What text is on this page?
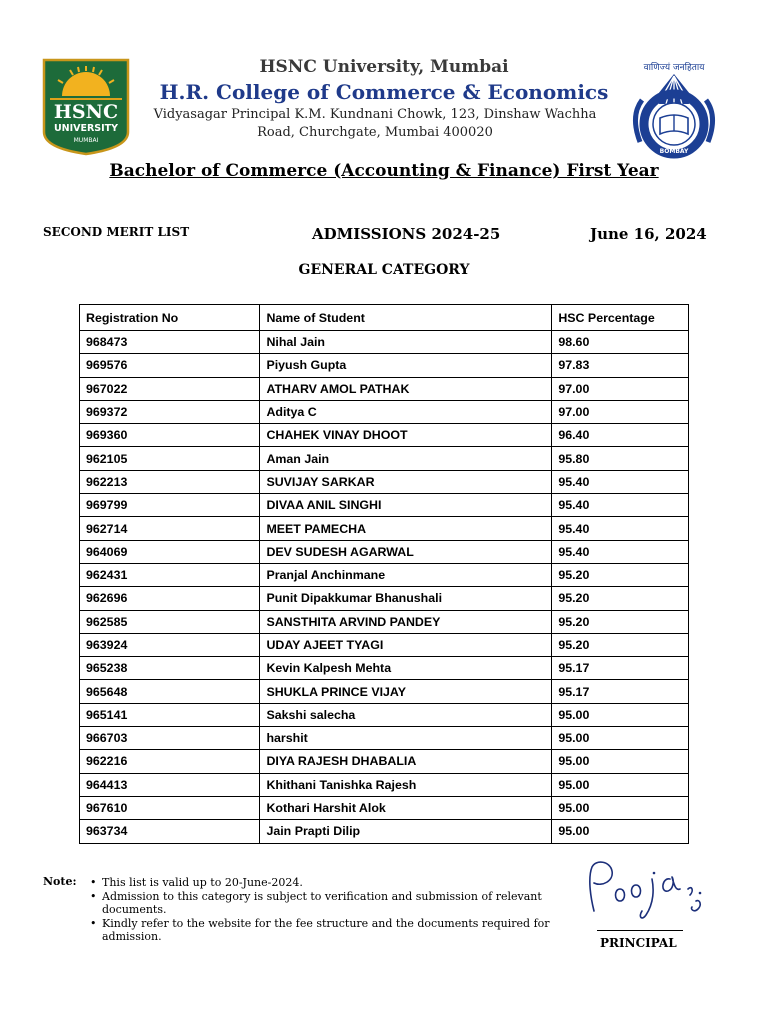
HSNC
UNIVERSITY
MUMBAI
HSNC University, Mumbai
H.R. College of Commerce & Economics
Vidyasagar Principal K.M. Kundnani Chowk, 123, Dinshaw Wachha
Road, Churchgate, Mumbai 400020
वाणिज्यं जनहिताय
BOMBAY
Bachelor of Commerce (Accounting & Finance) First Year
SECOND MERIT LIST	ADMISSIONS 2024-25	June 16, 2024
GENERAL CATEGORY
Registration No	Name of Student	HSC Percentage
968473	Nihal Jain	98.60
969576	Piyush Gupta	97.83
967022	ATHARV AMOL PATHAK	97.00
969372	Aditya C	97.00
969360	CHAHEK VINAY DHOOT	96.40
962105	Aman Jain	95.80
962213	SUVIJAY SARKAR	95.40
969799	DIVAA ANIL SINGHI	95.40
962714	MEET PAMECHA	95.40
964069	DEV SUDESH AGARWAL	95.40
962431	Pranjal Anchinmane	95.20
962696	Punit Dipakkumar Bhanushali	95.20
962585	SANSTHITA ARVIND PANDEY	95.20
963924	UDAY AJEET TYAGI	95.20
965238	Kevin Kalpesh Mehta	95.17
965648	SHUKLA PRINCE VIJAY	95.17
965141	Sakshi salecha	95.00
966703	harshit	95.00
962216	DIYA RAJESH DHABALIA	95.00
964413	Khithani Tanishka Rajesh	95.00
967610	Kothari Harshit Alok	95.00
963734	Jain Prapti Dilip	95.00
Note:	• This list is valid up to 20-June-2024.
• Admission to this category is subject to verification and submission of relevant documents.
• Kindly refer to the website for the fee structure and the documents required for admission.	PRINCIPAL
